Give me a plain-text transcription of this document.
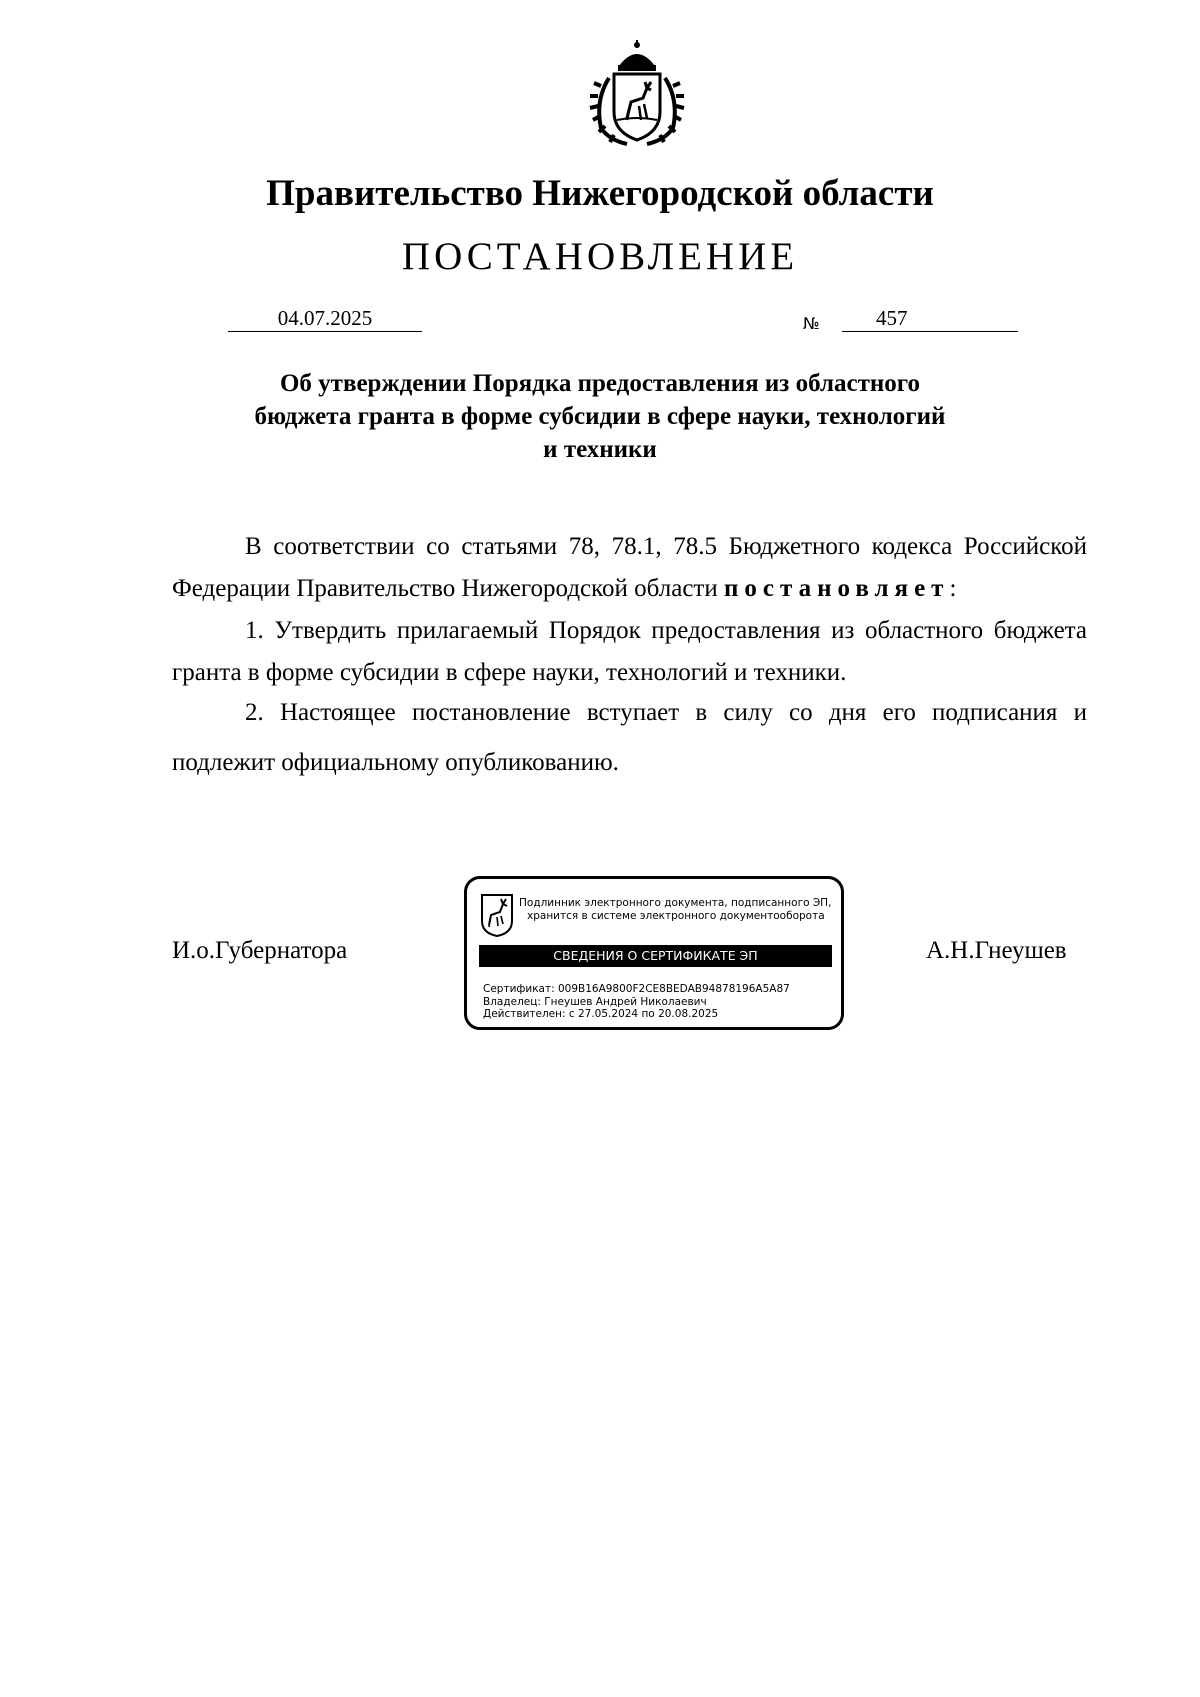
Правительство Нижегородской области
ПОСТАНОВЛЕНИЕ
04.07.2025	№	457
Об утверждении Порядка предоставления из областного
бюджета гранта в форме субсидии в сфере науки, технологий
и техники

В соответствии со статьями 78, 78.1, 78.5 Бюджетного кодекса Российской Федерации Правительство Нижегородской области постановляет:

1. Утвердить прилагаемый Порядок предоставления из областного бюджета гранта в форме субсидии в сфере науки, технологий и техники.

2. Настоящее постановление вступает в силу со дня его подписания и подлежит официальному опубликованию.

И.о.Губернатора	А.Н.Гнеушев
Подлинник электронного документа, подписанного ЭП,
хранится в системе электронного документооборота
СВЕДЕНИЯ О СЕРТИФИКАТЕ ЭП
Сертификат: 009B16A9800F2CE8BEDAB94878196A5A87
Владелец: Гнеушев Андрей Николаевич
Действителен: с 27.05.2024 по 20.08.2025
